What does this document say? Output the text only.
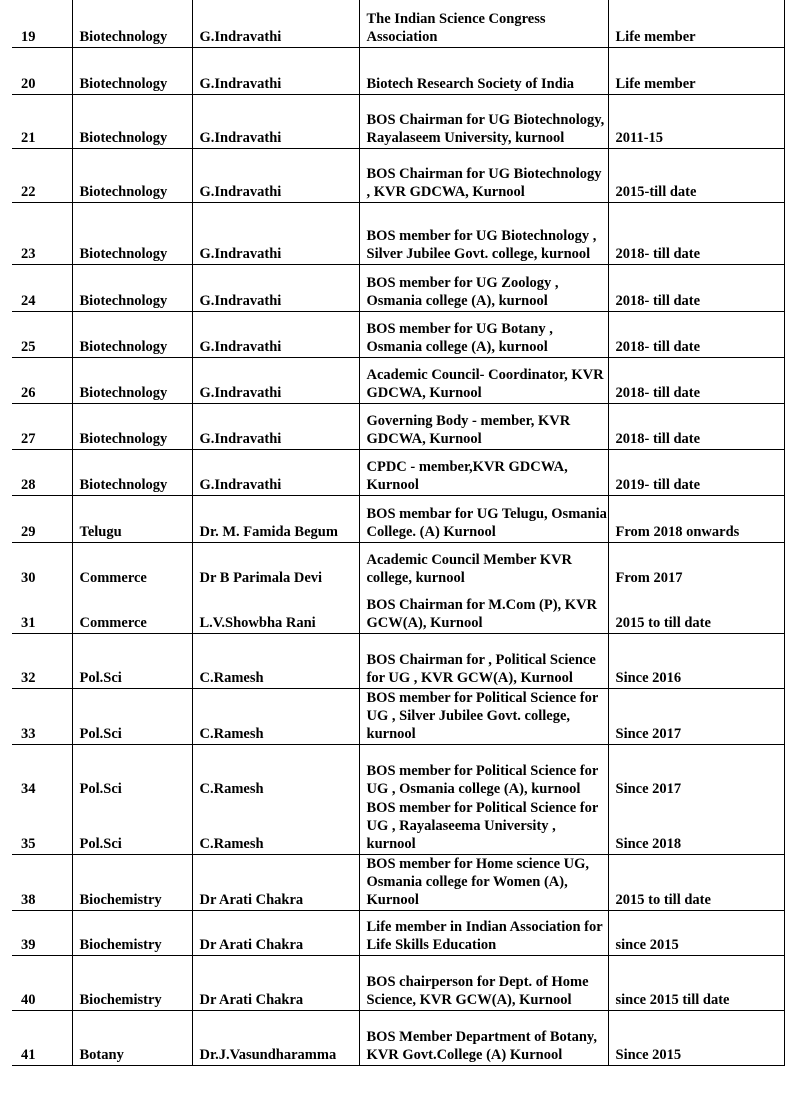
19	Biotechnology	G.Indravathi	The Indian Science Congress Association	Life member
20	Biotechnology	G.Indravathi	Biotech Research Society of India	Life member
21	Biotechnology	G.Indravathi	BOS Chairman for UG Biotechnology, Rayalaseem University, kurnool	2011-15
22	Biotechnology	G.Indravathi	BOS Chairman for UG Biotechnology , KVR GDCWA, Kurnool	2015-till date
23	Biotechnology	G.Indravathi	BOS member for UG Biotechnology , Silver Jubilee Govt. college, kurnool	2018- till date
24	Biotechnology	G.Indravathi	BOS member for UG Zoology , Osmania college (A), kurnool	2018- till date
25	Biotechnology	G.Indravathi	BOS member for UG Botany , Osmania college (A), kurnool	2018- till date
26	Biotechnology	G.Indravathi	Academic Council- Coordinator, KVR GDCWA, Kurnool	2018- till date
27	Biotechnology	G.Indravathi	Governing Body - member, KVR GDCWA, Kurnool	2018- till date
28	Biotechnology	G.Indravathi	CPDC - member,KVR GDCWA, Kurnool	2019- till date
29	Telugu	Dr. M. Famida Begum	BOS membar for UG Telugu, Osmania College. (A) Kurnool	From 2018 onwards
30	Commerce	Dr B Parimala Devi	Academic Council Member KVR college, kurnool	From 2017
31	Commerce	L.V.Showbha Rani	BOS Chairman for M.Com (P), KVR GCW(A), Kurnool	2015 to till date
32	Pol.Sci	C.Ramesh	BOS Chairman for , Political Science for UG , KVR GCW(A), Kurnool	Since 2016
33	Pol.Sci	C.Ramesh	BOS member for Political Science for UG , Silver Jubilee Govt. college, kurnool	Since 2017
34	Pol.Sci	C.Ramesh	BOS member for Political Science for UG , Osmania college (A), kurnool	Since 2017
35	Pol.Sci	C.Ramesh	BOS member for Political Science for UG , Rayalaseema University , kurnool	Since 2018
38	Biochemistry	Dr Arati Chakra	BOS member for Home science UG, Osmania college for Women (A), Kurnool	2015 to till date
39	Biochemistry	Dr Arati Chakra	Life member in Indian Association for Life Skills Education	since 2015
40	Biochemistry	Dr Arati Chakra	BOS chairperson for Dept. of Home Science, KVR GCW(A), Kurnool	since 2015 till date
41	Botany	Dr.J.Vasundharamma	BOS Member Department of Botany, KVR Govt.College (A) Kurnool	Since 2015
